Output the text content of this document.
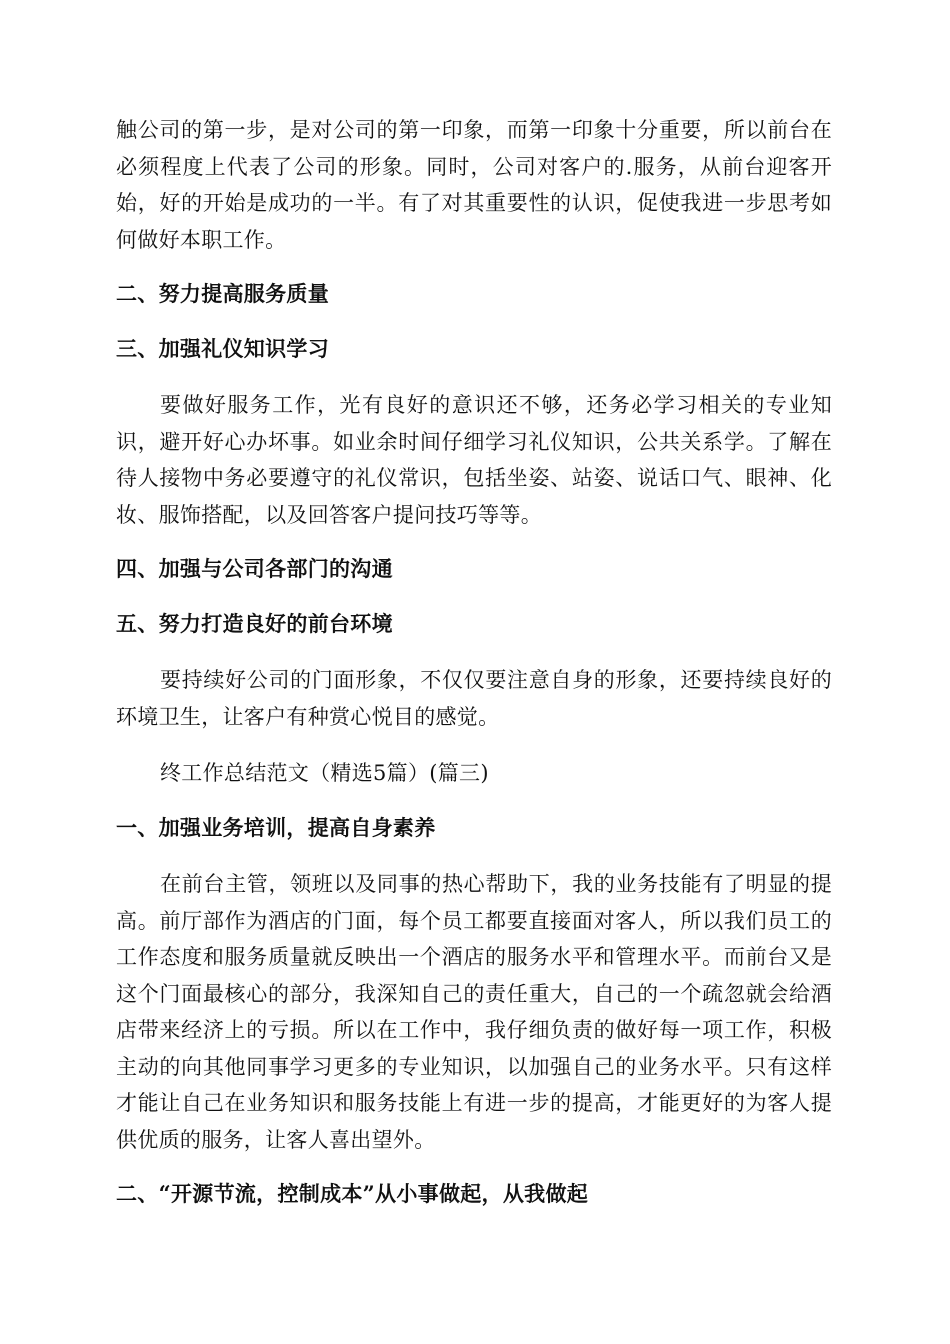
触公司的第一步，是对公司的第一印象，而第一印象十分重要，所以前台在必须程度上代表了公司的形象。同时，公司对客户的.服务，从前台迎客开始，好的开始是成功的一半。有了对其重要性的认识，促使我进一步思考如何做好本职工作。

二、努力提高服务质量

三、加强礼仪知识学习

要做好服务工作，光有良好的意识还不够，还务必学习相关的专业知识，避开好心办坏事。如业余时间仔细学习礼仪知识，公共关系学。了解在待人接物中务必要遵守的礼仪常识，包括坐姿、站姿、说话口气、眼神、化妆、服饰搭配，以及回答客户提问技巧等等。

四、加强与公司各部门的沟通

五、努力打造良好的前台环境

要持续好公司的门面形象，不仅仅要注意自身的形象，还要持续良好的环境卫生，让客户有种赏心悦目的感觉。

终工作总结范文（精选5篇）(篇三)

一、加强业务培训，提高自身素养

在前台主管，领班以及同事的热心帮助下，我的业务技能有了明显的提高。前厅部作为酒店的门面，每个员工都要直接面对客人，所以我们员工的工作态度和服务质量就反映出一个酒店的服务水平和管理水平。而前台又是这个门面最核心的部分，我深知自己的责任重大，自己的一个疏忽就会给酒店带来经济上的亏损。所以在工作中，我仔细负责的做好每一项工作，积极主动的向其他同事学习更多的专业知识，以加强自己的业务水平。只有这样才能让自己在业务知识和服务技能上有进一步的提高，才能更好的为客人提供优质的服务，让客人喜出望外。

二、“开源节流，控制成本”从小事做起，从我做起
